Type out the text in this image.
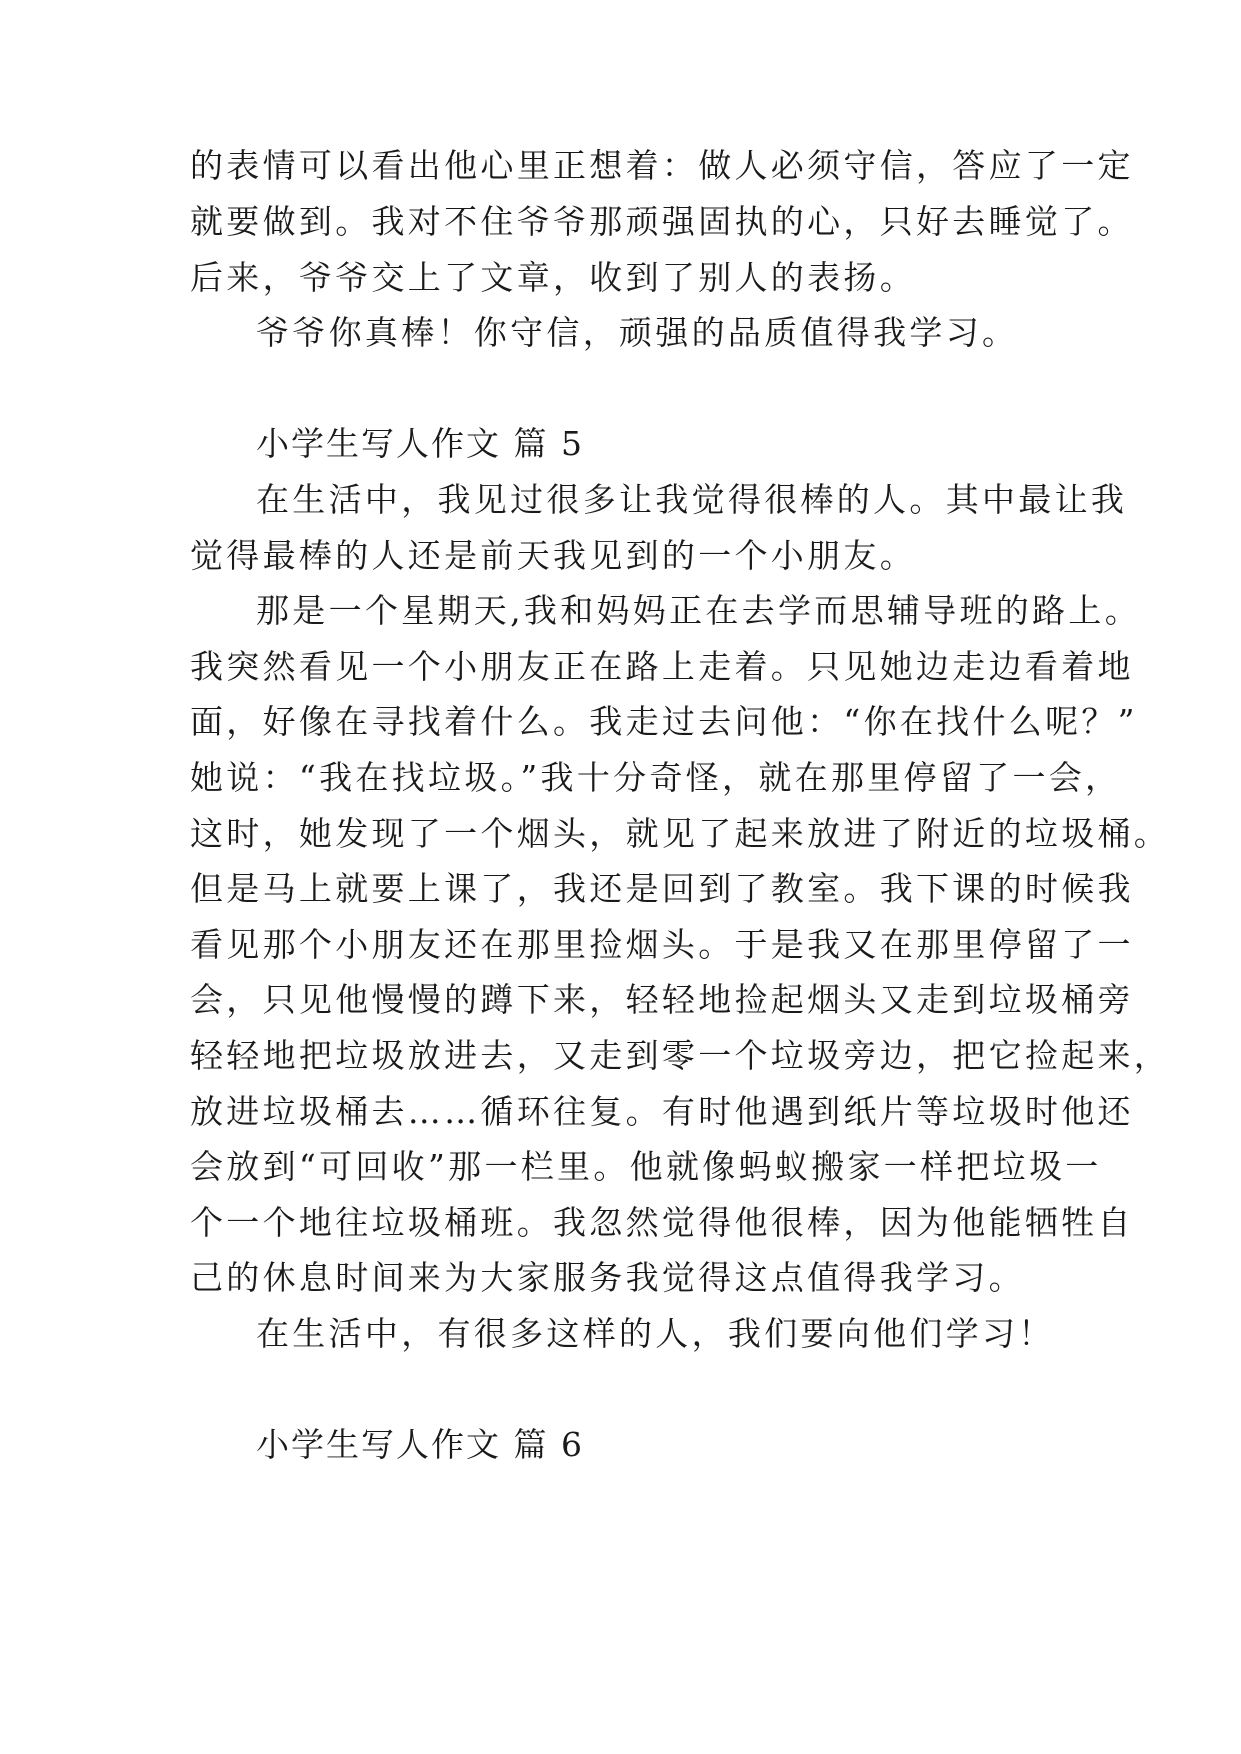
的表情可以看出他心里正想着：做人必须守信，答应了一定
就要做到。我对不住爷爷那顽强固执的心，只好去睡觉了。
后来，爷爷交上了文章，收到了别人的表扬。
爷爷你真棒！你守信，顽强的品质值得我学习。
小学生写人作文 篇 5
在生活中，我见过很多让我觉得很棒的人。其中最让我
觉得最棒的人还是前天我见到的一个小朋友。
那是一个星期天,我和妈妈正在去学而思辅导班的路上。
我突然看见一个小朋友正在路上走着。只见她边走边看着地
面，好像在寻找着什么。我走过去问他：“你在找什么呢？”
她说：“我在找垃圾。”我十分奇怪，就在那里停留了一会，
这时，她发现了一个烟头，就见了起来放进了附近的垃圾桶。
但是马上就要上课了，我还是回到了教室。我下课的时候我
看见那个小朋友还在那里捡烟头。于是我又在那里停留了一
会，只见他慢慢的蹲下来，轻轻地捡起烟头又走到垃圾桶旁
轻轻地把垃圾放进去，又走到零一个垃圾旁边，把它捡起来，
放进垃圾桶去……循环往复。有时他遇到纸片等垃圾时他还
会放到“可回收”那一栏里。他就像蚂蚁搬家一样把垃圾一
个一个地往垃圾桶班。我忽然觉得他很棒，因为他能牺牲自
己的休息时间来为大家服务我觉得这点值得我学习。
在生活中，有很多这样的人，我们要向他们学习！
小学生写人作文 篇 6
